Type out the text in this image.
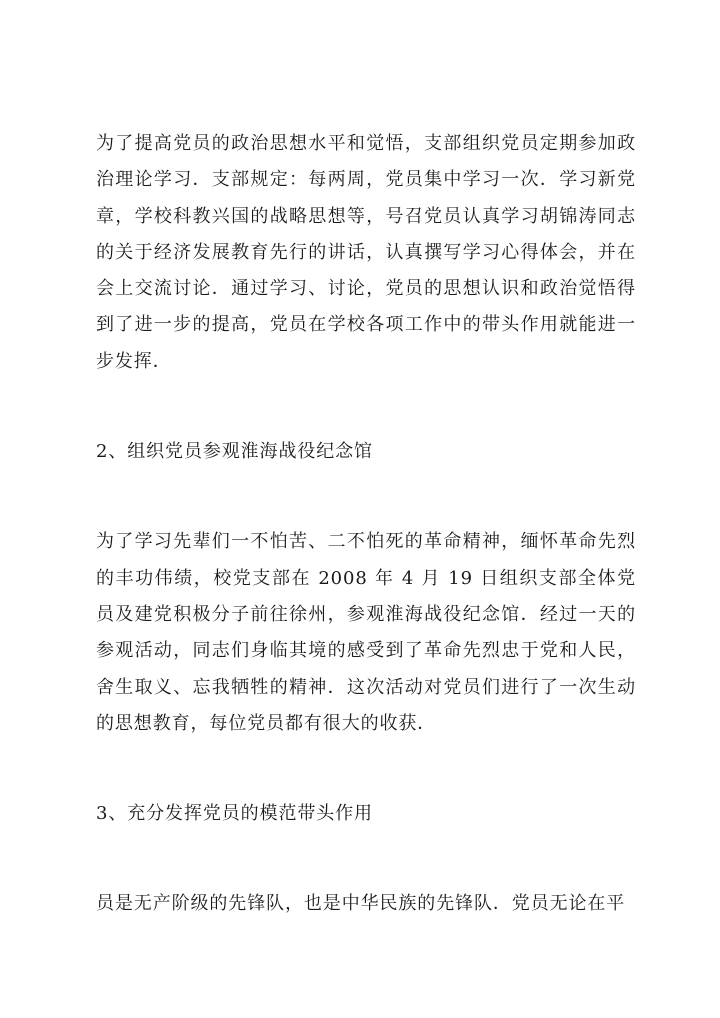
为了提高党员的政治思想水平和觉悟，支部组织党员定期参加政治理论学习．支部规定：每两周，党员集中学习一次．学习新党章，学校科教兴国的战略思想等，号召党员认真学习胡锦涛同志的关于经济发展教育先行的讲话，认真撰写学习心得体会，并在会上交流讨论．通过学习、讨论，党员的思想认识和政治觉悟得到了进一步的提高，党员在学校各项工作中的带头作用就能进一步发挥．

2、组织党员参观淮海战役纪念馆

为了学习先辈们一不怕苦、二不怕死的革命精神，缅怀革命先烈的丰功伟绩，校党支部在 2008 年 4 月 19 日组织支部全体党员及建党积极分子前往徐州，参观淮海战役纪念馆．经过一天的参观活动，同志们身临其境的感受到了革命先烈忠于党和人民，舍生取义、忘我牺牲的精神．这次活动对党员们进行了一次生动的思想教育，每位党员都有很大的收获．

3、充分发挥党员的模范带头作用

员是无产阶级的先锋队，也是中华民族的先锋队．党员无论在平
